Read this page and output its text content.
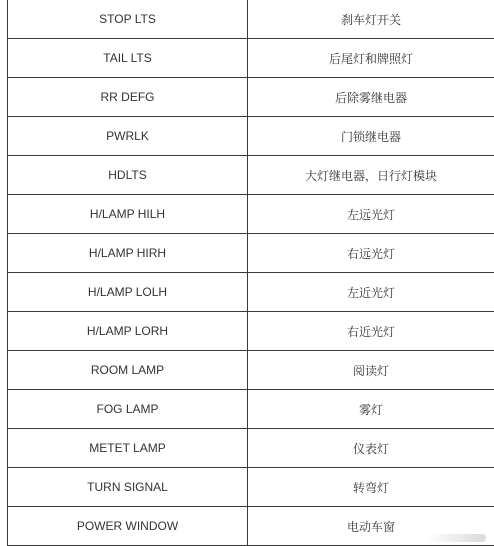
STOP LTS	刹车灯开关
TAIL LTS	后尾灯和牌照灯
RR DEFG	后除雾继电器
PWRLK	门锁继电器
HDLTS	大灯继电器，日行灯模块
H/LAMP HILH	左远光灯
H/LAMP HIRH	右远光灯
H/LAMP LOLH	左近光灯
H/LAMP LORH	右近光灯
ROOM LAMP	阅读灯
FOG LAMP	雾灯
METET LAMP	仪表灯
TURN SIGNAL	转弯灯
POWER WINDOW	电动车窗
